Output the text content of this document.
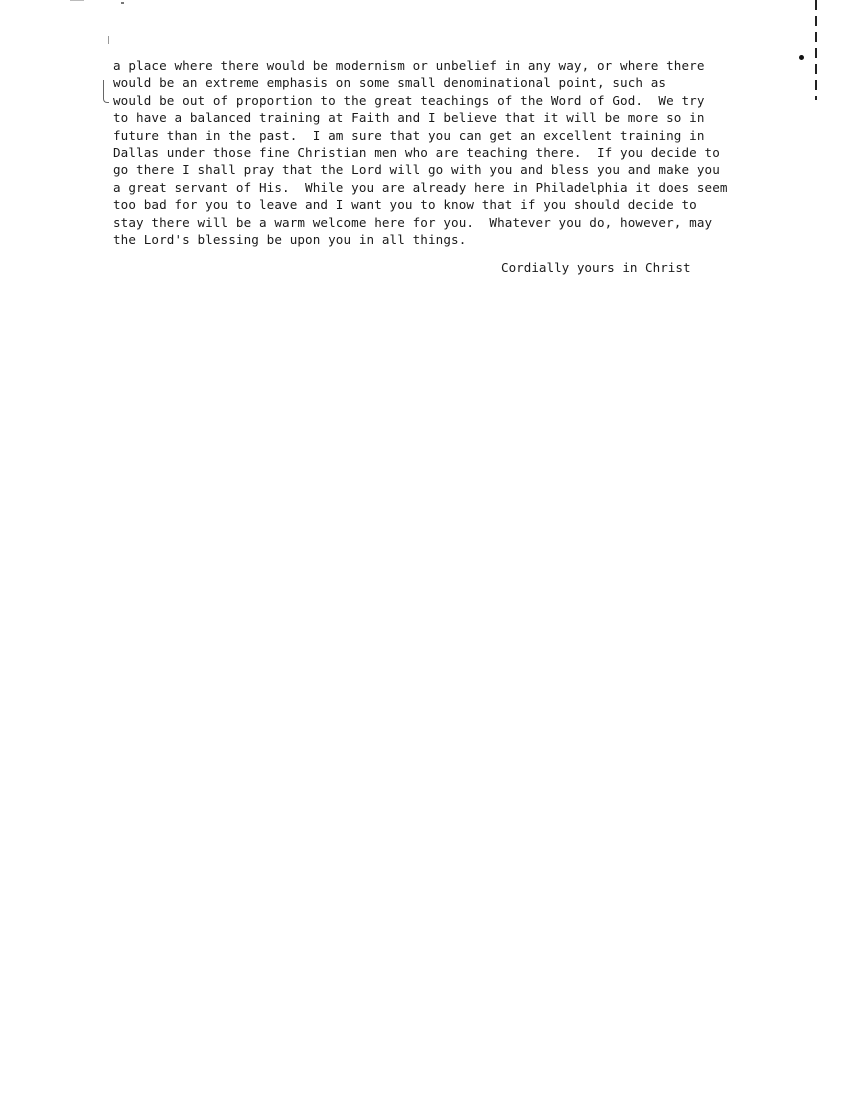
a place where there would be modernism or unbelief in any way, or where there
would be an extreme emphasis on some small denominational point, such as
would be out of proportion to the great teachings of the Word of God.  We try
to have a balanced training at Faith and I believe that it will be more so in
future than in the past.  I am sure that you can get an excellent training in
Dallas under those fine Christian men who are teaching there.  If you decide to
go there I shall pray that the Lord will go with you and bless you and make you
a great servant of His.  While you are already here in Philadelphia it does seem
too bad for you to leave and I want you to know that if you should decide to
stay there will be a warm welcome here for you.  Whatever you do, however, may
the Lord's blessing be upon you in all things.

Cordially yours in Christ
